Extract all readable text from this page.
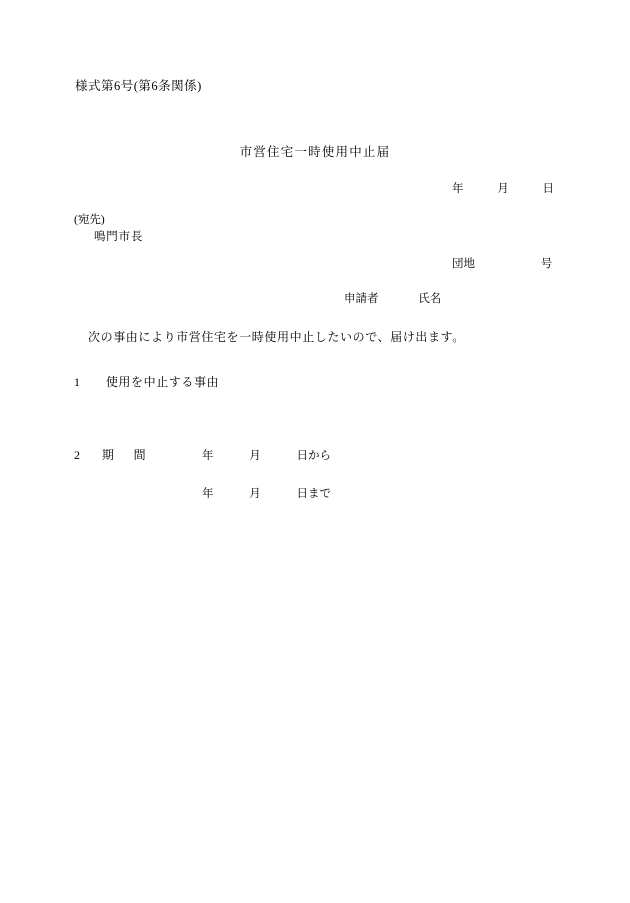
様式第6号(第6条関係)
市営住宅一時使用中止届
年	月	日
(宛先)
鳴門市長
団地	号
申請者	氏名
次の事由により市営住宅を一時使用中止したいので、届け出ます。
1 使用を中止する事由
2 期 間	年	月	日から
年	月	日まで
